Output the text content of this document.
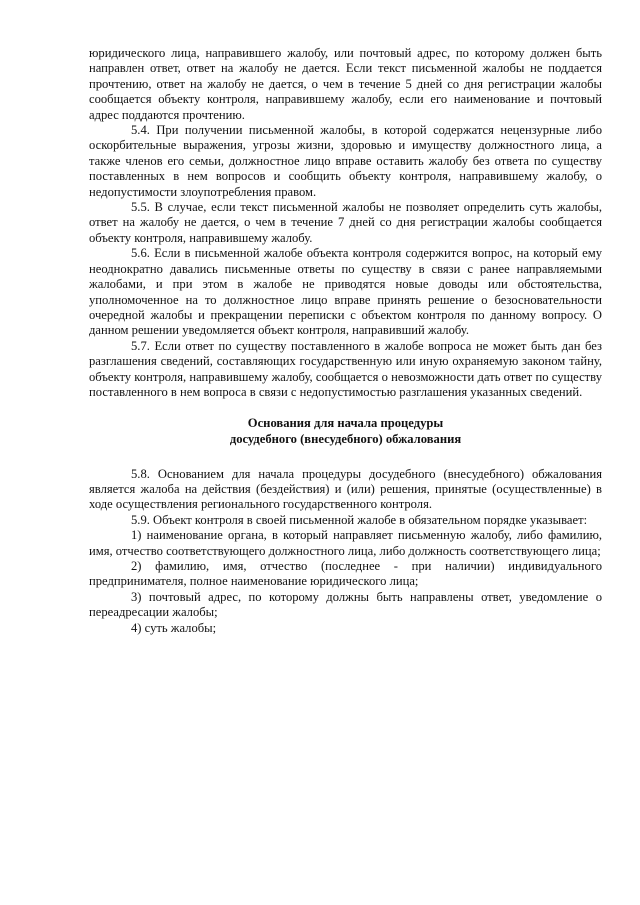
юридического лица, направившего жалобу, или почтовый адрес, по которому должен быть направлен ответ, ответ на жалобу не дается. Если текст письменной жалобы не поддается прочтению, ответ на жалобу не дается, о чем в течение 5 дней со дня регистрации жалобы сообщается объекту контроля, направившему жалобу, если его наименование и почтовый адрес поддаются прочтению.

5.4. При получении письменной жалобы, в которой содержатся нецензурные либо оскорбительные выражения, угрозы жизни, здоровью и имуществу должностного лица, а также членов его семьи, должностное лицо вправе оставить жалобу без ответа по существу поставленных в нем вопросов и сообщить объекту контроля, направившему жалобу, о недопустимости злоупотребления правом.

5.5. В случае, если текст письменной жалобы не позволяет определить суть жалобы, ответ на жалобу не дается, о чем в течение 7 дней со дня регистрации жалобы сообщается объекту контроля, направившему жалобу.

5.6. Если в письменной жалобе объекта контроля содержится вопрос, на который ему неоднократно давались письменные ответы по существу в связи с ранее направляемыми жалобами, и при этом в жалобе не приводятся новые доводы или обстоятельства, уполномоченное на то должностное лицо вправе принять решение о безосновательности очередной жалобы и прекращении переписки с объектом контроля по данному вопросу. О данном решении уведомляется объект контроля, направивший жалобу.

5.7. Если ответ по существу поставленного в жалобе вопроса не может быть дан без разглашения сведений, составляющих государственную или иную охраняемую законом тайну, объекту контроля, направившему жалобу, сообщается о невозможности дать ответ по существу поставленного в нем вопроса в связи с недопустимостью разглашения указанных сведений.

Основания для начала процедуры

досудебного (внесудебного) обжалования

5.8. Основанием для начала процедуры досудебного (внесудебного) обжалования является жалоба на действия (бездействия) и (или) решения, принятые (осуществленные) в ходе осуществления регионального государственного контроля.

5.9. Объект контроля в своей письменной жалобе в обязательном порядке указывает:

1) наименование органа, в который направляет письменную жалобу, либо фамилию, имя, отчество соответствующего должностного лица, либо должность соответствующего лица;

2) фамилию, имя, отчество (последнее - при наличии) индивидуального предпринимателя, полное наименование юридического лица;

3) почтовый адрес, по которому должны быть направлены ответ, уведомление о переадресации жалобы;

4) суть жалобы;
